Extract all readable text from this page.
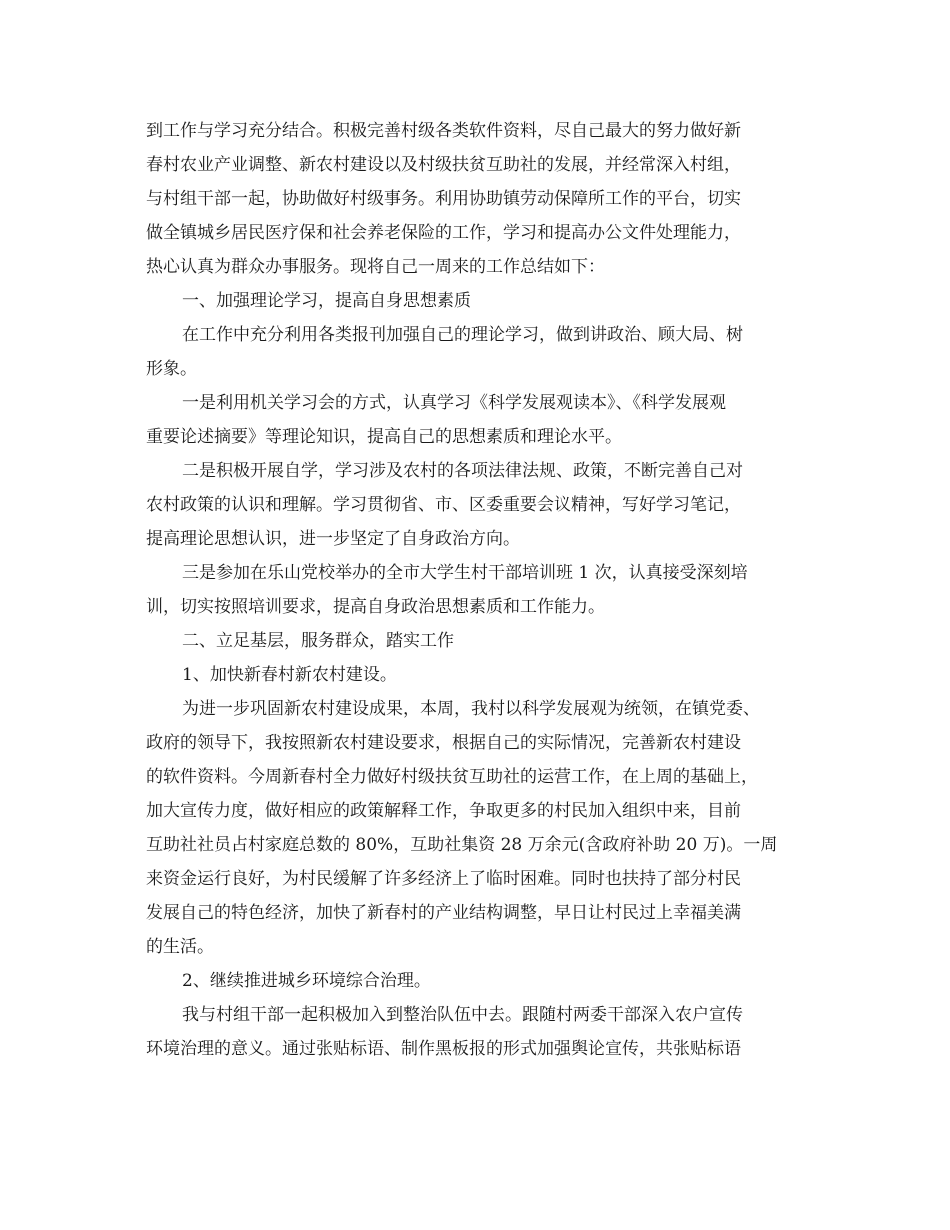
到工作与学习充分结合。积极完善村级各类软件资料，尽自己最大的努力做好新
春村农业产业调整、新农村建设以及村级扶贫互助社的发展，并经常深入村组，
与村组干部一起，协助做好村级事务。利用协助镇劳动保障所工作的平台，切实
做全镇城乡居民医疗保和社会养老保险的工作，学习和提高办公文件处理能力，
热心认真为群众办事服务。现将自己一周来的工作总结如下：
一、加强理论学习，提高自身思想素质
在工作中充分利用各类报刊加强自己的理论学习，做到讲政治、顾大局、树
形象。
一是利用机关学习会的方式，认真学习《科学发展观读本》、《科学发展观
重要论述摘要》等理论知识，提高自己的思想素质和理论水平。
二是积极开展自学，学习涉及农村的各项法律法规、政策，不断完善自己对
农村政策的认识和理解。学习贯彻省、市、区委重要会议精神，写好学习笔记，
提高理论思想认识，进一步坚定了自身政治方向。
三是参加在乐山党校举办的全市大学生村干部培训班 1 次，认真接受深刻培
训，切实按照培训要求，提高自身政治思想素质和工作能力。
二、立足基层，服务群众，踏实工作
1、加快新春村新农村建设。
为进一步巩固新农村建设成果，本周，我村以科学发展观为统领，在镇党委、
政府的领导下，我按照新农村建设要求，根据自己的实际情况，完善新农村建设
的软件资料。今周新春村全力做好村级扶贫互助社的运营工作，在上周的基础上，
加大宣传力度，做好相应的政策解释工作，争取更多的村民加入组织中来，目前
互助社社员占村家庭总数的 80%，互助社集资 28 万余元(含政府补助 20 万)。一周
来资金运行良好，为村民缓解了许多经济上了临时困难。同时也扶持了部分村民
发展自己的特色经济，加快了新春村的产业结构调整，早日让村民过上幸福美满
的生活。
2、继续推进城乡环境综合治理。
我与村组干部一起积极加入到整治队伍中去。跟随村两委干部深入农户宣传
环境治理的意义。通过张贴标语、制作黑板报的形式加强舆论宣传，共张贴标语
